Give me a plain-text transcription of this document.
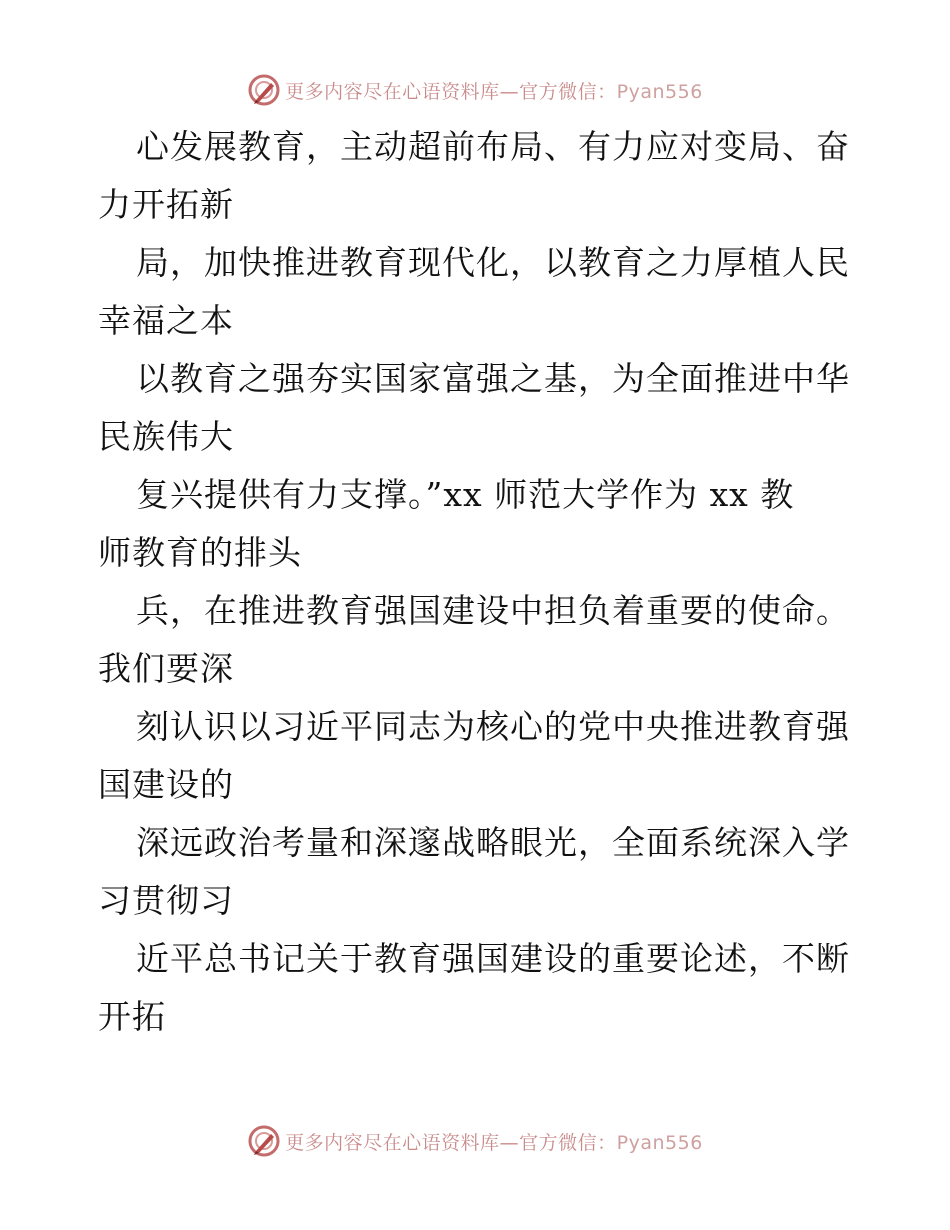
更多内容尽在心语资料库—官方微信：Pyan556
心发展教育，主动超前布局、有力应对变局、奋
力开拓新
局，加快推进教育现代化，以教育之力厚植人民
幸福之本
以教育之强夯实国家富强之基，为全面推进中华
民族伟大
复兴提供有力支撑。”xx 师范大学作为 xx 教
师教育的排头
兵，在推进教育强国建设中担负着重要的使命。
我们要深
刻认识以习近平同志为核心的党中央推进教育强
国建设的
深远政治考量和深邃战略眼光，全面系统深入学
习贯彻习
近平总书记关于教育强国建设的重要论述，不断
开拓
更多内容尽在心语资料库—官方微信：Pyan556
